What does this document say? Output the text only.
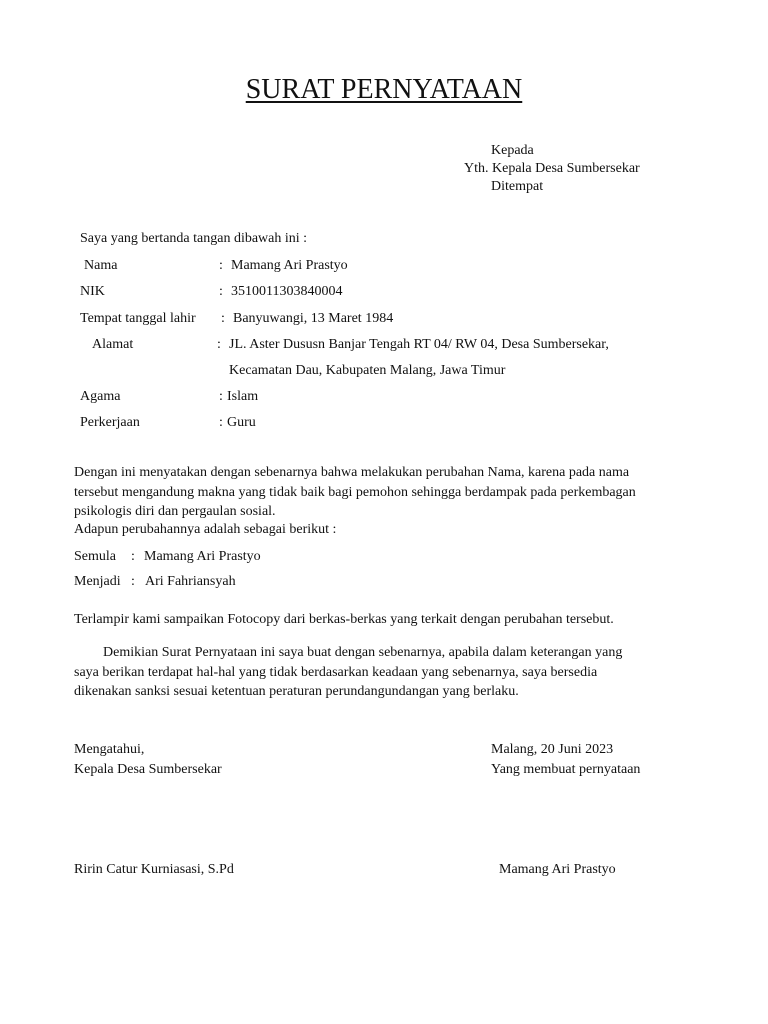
SURAT PERNYATAAN
Kepada
Yth. Kepala Desa Sumbersekar
Ditempat
Saya yang bertanda tangan dibawah ini :
Nama	: Mamang Ari Prastyo
NIK	: 3510011303840004
Tempat tanggal lahir : Banyuwangi, 13 Maret 1984
Alamat	: JL. Aster Dususn Banjar Tengah RT 04/ RW 04, Desa Sumbersekar,
Kecamatan Dau, Kabupaten Malang, Jawa Timur
Agama	: Islam
Perkerjaan	: Guru
Dengan ini menyatakan dengan sebenarnya bahwa melakukan perubahan Nama, karena pada nama
tersebut mengandung makna yang tidak baik bagi pemohon sehingga berdampak pada perkembagan
psikologis diri dan pergaulan sosial.
Adapun perubahannya adalah sebagai berikut :
Semula : Mamang Ari Prastyo
Menjadi : Ari Fahriansyah
Terlampir kami sampaikan Fotocopy dari berkas-berkas yang terkait dengan perubahan tersebut.
Demikian Surat Pernyataan ini saya buat dengan sebenarnya, apabila dalam keterangan yang
saya berikan terdapat hal-hal yang tidak berdasarkan keadaan yang sebenarnya, saya bersedia
dikenakan sanksi sesuai ketentuan peraturan perundangundangan yang berlaku.
Mengatahui,
Kepala Desa Sumbersekar
Ririn Catur Kurniasasi, S.Pd
Malang, 20 Juni 2023
Yang membuat pernyataan
Mamang Ari Prastyo
